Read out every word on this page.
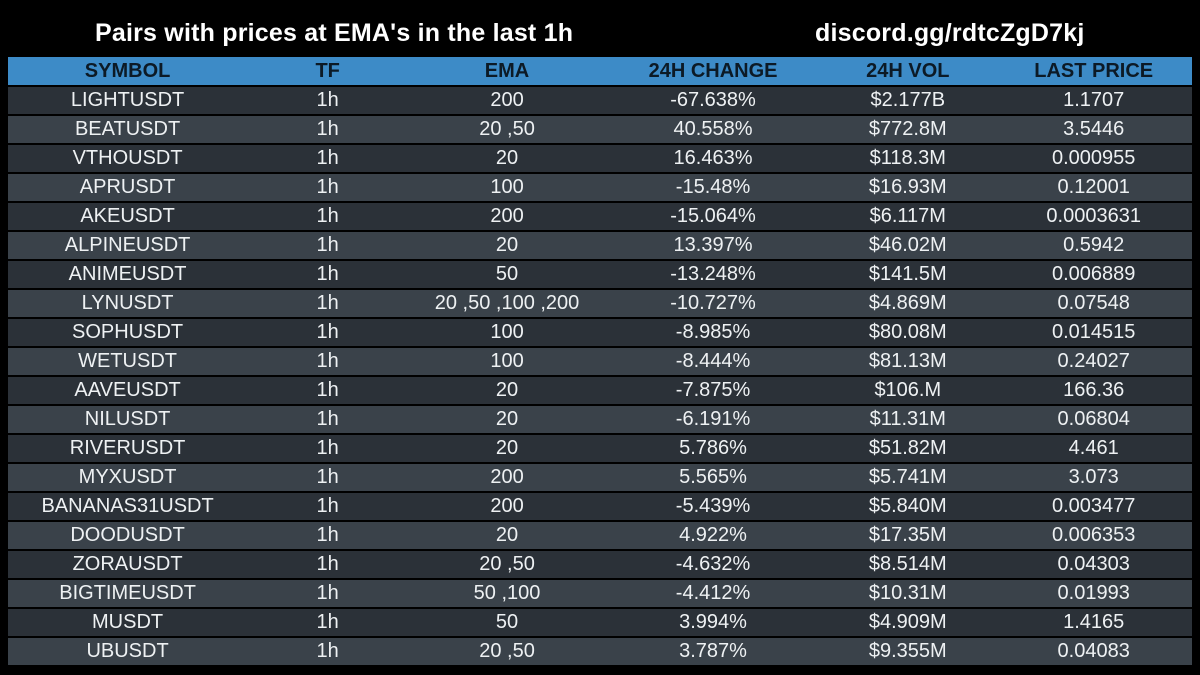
Pairs with prices at EMA's in the last 1h	discord.gg/rdtcZgD7kj
SYMBOL	TF	EMA	24H CHANGE	24H VOL	LAST PRICE
LIGHTUSDT	1h	200	-67.638%	$2.177B	1.1707
BEATUSDT	1h	20 ,50	40.558%	$772.8M	3.5446
VTHOUSDT	1h	20	16.463%	$118.3M	0.000955
APRUSDT	1h	100	-15.48%	$16.93M	0.12001
AKEUSDT	1h	200	-15.064%	$6.117M	0.0003631
ALPINEUSDT	1h	20	13.397%	$46.02M	0.5942
ANIMEUSDT	1h	50	-13.248%	$141.5M	0.006889
LYNUSDT	1h	20 ,50 ,100 ,200	-10.727%	$4.869M	0.07548
SOPHUSDT	1h	100	-8.985%	$80.08M	0.014515
WETUSDT	1h	100	-8.444%	$81.13M	0.24027
AAVEUSDT	1h	20	-7.875%	$106.M	166.36
NILUSDT	1h	20	-6.191%	$11.31M	0.06804
RIVERUSDT	1h	20	5.786%	$51.82M	4.461
MYXUSDT	1h	200	5.565%	$5.741M	3.073
BANANAS31USDT	1h	200	-5.439%	$5.840M	0.003477
DOODUSDT	1h	20	4.922%	$17.35M	0.006353
ZORAUSDT	1h	20 ,50	-4.632%	$8.514M	0.04303
BIGTIMEUSDT	1h	50 ,100	-4.412%	$10.31M	0.01993
MUSDT	1h	50	3.994%	$4.909M	1.4165
UBUSDT	1h	20 ,50	3.787%	$9.355M	0.04083
